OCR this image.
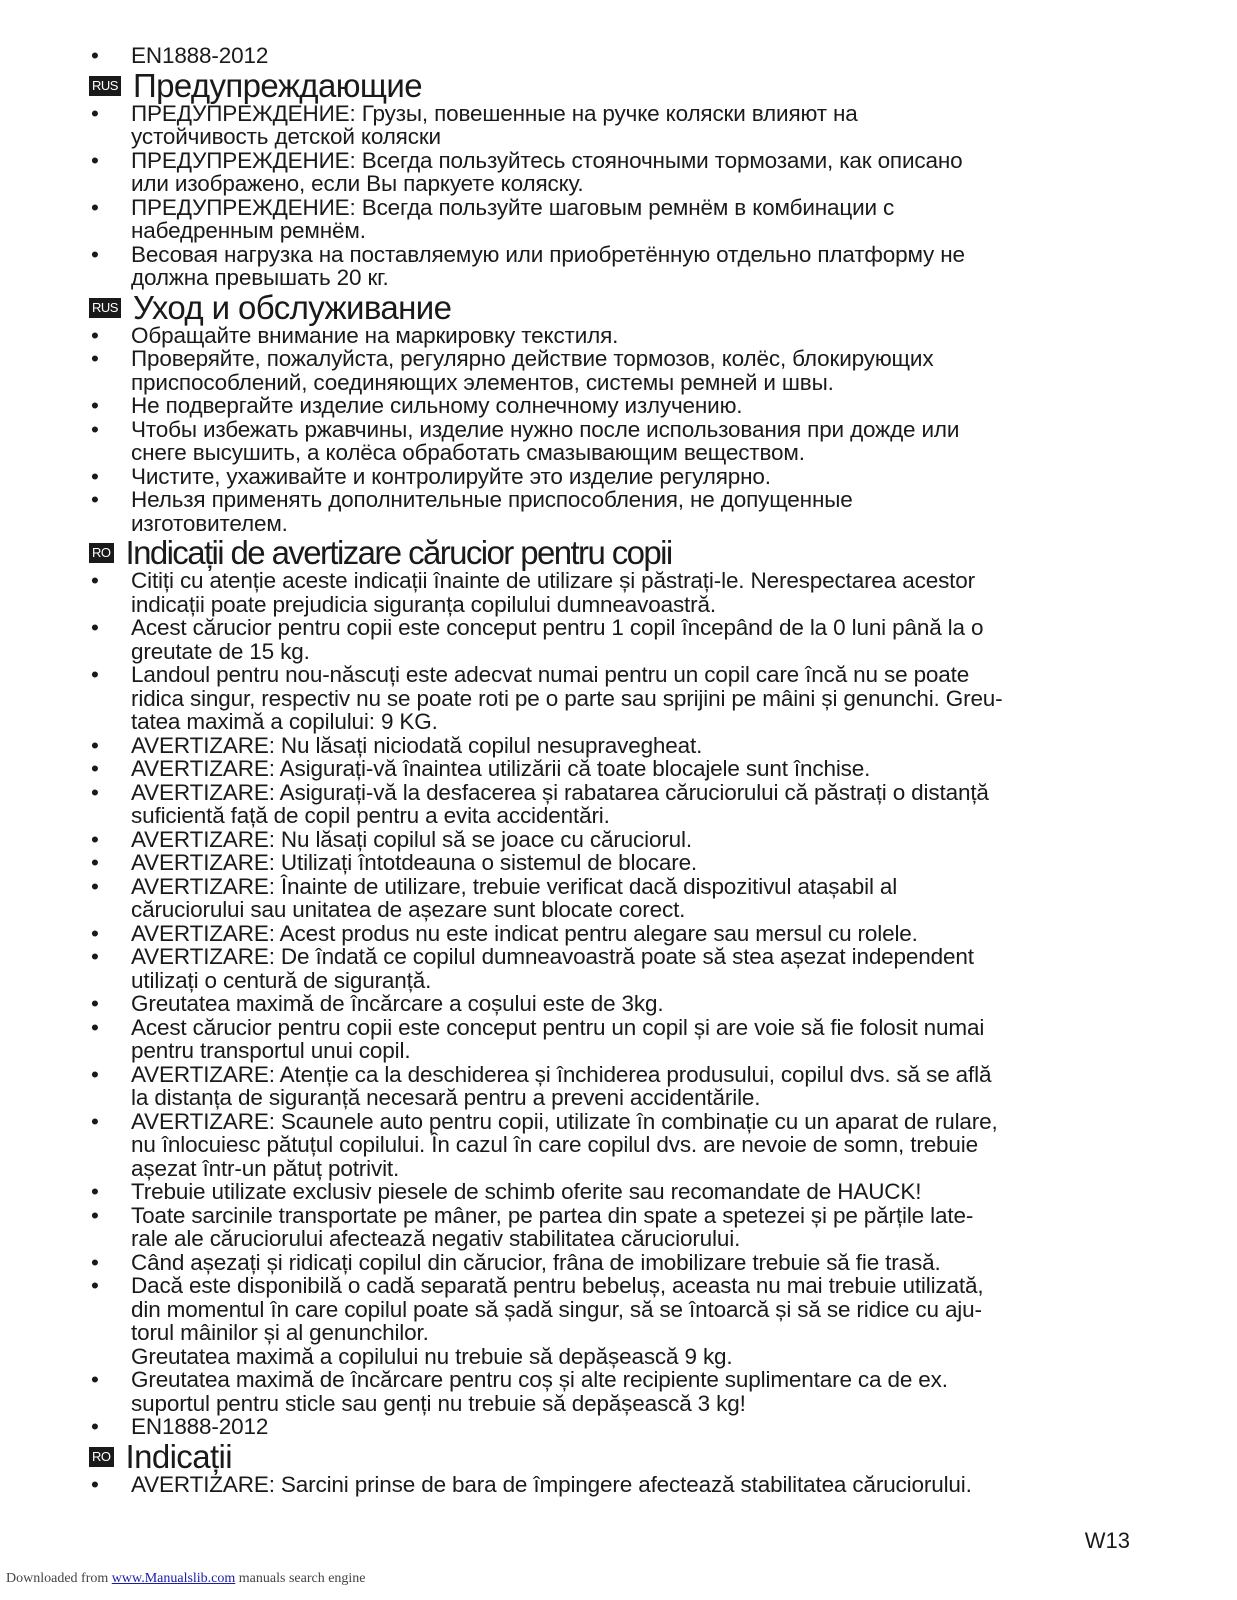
• EN1888-2012
RUS Предупреждающие
• ПРЕДУПРЕЖДЕНИЕ: Грузы, повешенные на ручке коляски влияют на
устойчивость детской коляски
• ПРЕДУПРЕЖДЕНИЕ: Всегда пользуйтесь стояночными тормозами, как описано
или изображено, если Вы паркуете коляску.
• ПРЕДУПРЕЖДЕНИЕ: Всегда пользуйте шаговым ремнём в комбинации с
набедренным ремнём.
• Весовая нагрузка на поставляемую или приобретённую отдельно платформу не
должна превышать 20 кг.
RUS Уход и обслуживание
• Обращайте внимание на маркировку текстиля.
• Проверяйте, пожалуйста, регулярно действие тормозов, колёс, блокирующих
приспособлений, соединяющих элементов, системы ремней и швы.
• Не подвергайте изделие сильному солнечному излучению.
• Чтобы избежать ржавчины, изделие нужно после использования при дожде или
снеге высушить, а колёса обработать смазывающим веществом.
• Чистите, ухаживайте и контролируйте это изделие регулярно.
• Нельзя применять дополнительные приспособления, не допущенные
изготовителем.
RO Indicații de avertizare cărucior pentru copii
• Citiți cu atenție aceste indicații înainte de utilizare și păstrați-le. Nerespectarea acestor
indicații poate prejudicia siguranța copilului dumneavoastră.
• Acest cărucior pentru copii este conceput pentru 1 copil începând de la 0 luni până la o
greutate de 15 kg.
• Landoul pentru nou-născuți este adecvat numai pentru un copil care încă nu se poate
ridica singur, respectiv nu se poate roti pe o parte sau sprijini pe mâini și genunchi. Greu-
tatea maximă a copilului: 9 KG.
• AVERTIZARE: Nu lăsați niciodată copilul nesupravegheat.
• AVERTIZARE: Asigurați-vă înaintea utilizării că toate blocajele sunt închise.
• AVERTIZARE: Asigurați-vă la desfacerea și rabatarea căruciorului că păstrați o distanță
suficientă față de copil pentru a evita accidentări.
• AVERTIZARE: Nu lăsați copilul să se joace cu căruciorul.
• AVERTIZARE: Utilizați întotdeauna o sistemul de blocare.
• AVERTIZARE: Înainte de utilizare, trebuie verificat dacă dispozitivul atașabil al
căruciorului sau unitatea de așezare sunt blocate corect.
• AVERTIZARE: Acest produs nu este indicat pentru alegare sau mersul cu rolele.
• AVERTIZARE: De îndată ce copilul dumneavoastră poate să stea așezat independent
utilizați o centură de siguranță.
• Greutatea maximă de încărcare a coșului este de 3kg.
• Acest cărucior pentru copii este conceput pentru un copil și are voie să fie folosit numai
pentru transportul unui copil.
• AVERTIZARE: Atenție ca la deschiderea și închiderea produsului, copilul dvs. să se află
la distanța de siguranță necesară pentru a preveni accidentările.
• AVERTIZARE: Scaunele auto pentru copii, utilizate în combinație cu un aparat de rulare,
nu înlocuiesc pătuțul copilului. În cazul în care copilul dvs. are nevoie de somn, trebuie
așezat într-un pătuț potrivit.
• Trebuie utilizate exclusiv piesele de schimb oferite sau recomandate de HAUCK!
• Toate sarcinile transportate pe mâner, pe partea din spate a spetezei și pe părțile late-
rale ale căruciorului afectează negativ stabilitatea căruciorului.
• Când așezați și ridicați copilul din cărucior, frâna de imobilizare trebuie să fie trasă.
• Dacă este disponibilă o cadă separată pentru bebeluș, aceasta nu mai trebuie utilizată,
din momentul în care copilul poate să șadă singur, să se întoarcă și să se ridice cu aju-
torul mâinilor și al genunchilor.
Greutatea maximă a copilului nu trebuie să depășească 9 kg.
• Greutatea maximă de încărcare pentru coș și alte recipiente suplimentare ca de ex.
suportul pentru sticle sau genți nu trebuie să depășească 3 kg!
• EN1888-2012
RO Indicații
• AVERTIZARE: Sarcini prinse de bara de împingere afectează stabilitatea căruciorului.
W13
Downloaded from www.Manualslib.com manuals search engine
